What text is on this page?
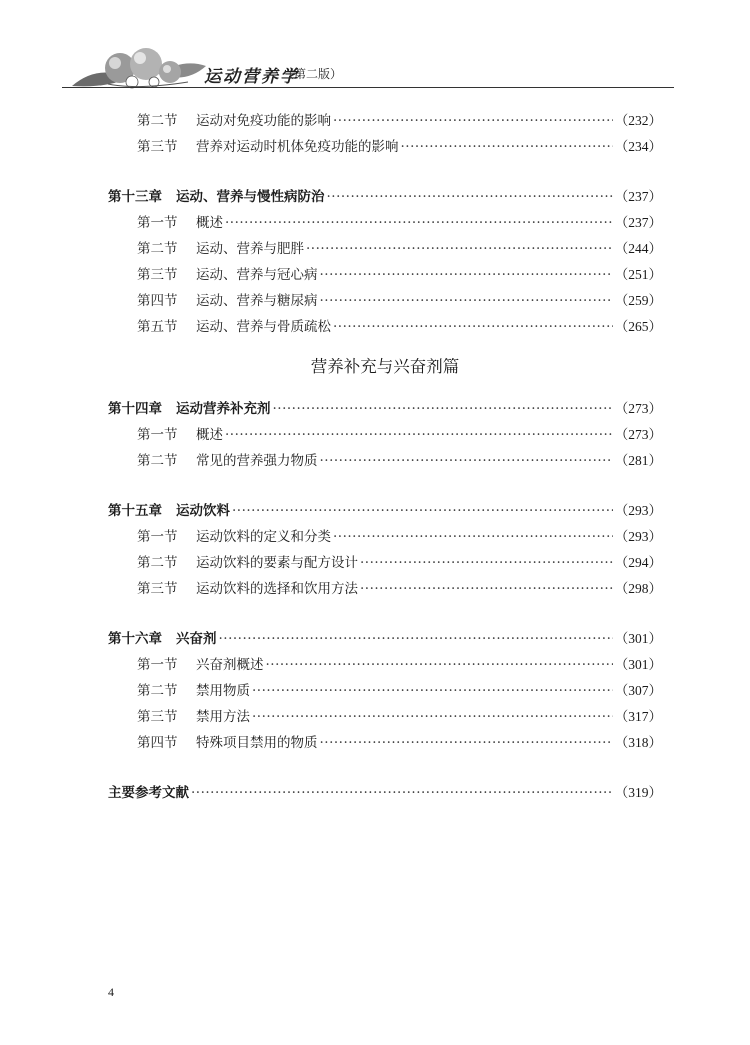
运动营养学
（第二版）
第二节 运动对免疫功能的影响 ·····	（232）
第三节 营养对运动时机体免疫功能的影响 ·····	（234）
第十三章 运动、营养与慢性病防治 ·····	（237）
第一节 概述 ·····	（237）
第二节 运动、营养与肥胖 ·····	（244）
第三节 运动、营养与冠心病 ·····	（251）
第四节 运动、营养与糖尿病 ·····	（259）
第五节 运动、营养与骨质疏松 ·····	（265）
营养补充与兴奋剂篇
第十四章 运动营养补充剂 ·····	（273）
第一节 概述 ·····	（273）
第二节 常见的营养强力物质 ·····	（281）
第十五章 运动饮料 ·····	（293）
第一节 运动饮料的定义和分类 ·····	（293）
第二节 运动饮料的要素与配方设计 ·····	（294）
第三节 运动饮料的选择和饮用方法 ·····	（298）
第十六章 兴奋剂 ·····	（301）
第一节 兴奋剂概述 ·····	（301）
第二节 禁用物质 ·····	（307）
第三节 禁用方法 ·····	（317）
第四节 特殊项目禁用的物质 ·····	（318）
主要参考文献 ·····	（319）
4
